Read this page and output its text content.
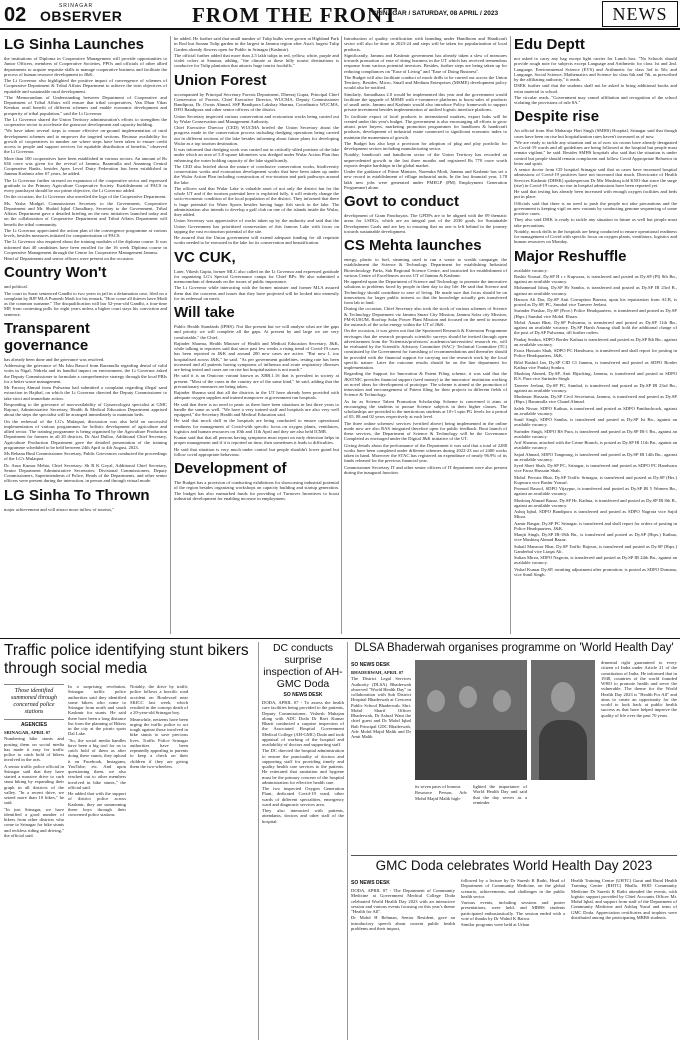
02	SRINAGAR
OBSERVER	FROM THE FRONT
SRINAGAR / SATURDAY, 08 APRIL / 2023	NEWS
LG Sinha Launches

the institutions of Diploma in Cooperative Management will provide opportunities to Junior Officers, members of Cooperative Societies, PPOs and officials of other allied departments to acquire requisite skills to manage cooperative business and facilitate the process of human resource development in J&K.

The Lt Governor also highlighted the positive impact of convergence of schemes of Cooperative Department & Tribal Affairs Department to achieve the twin objectives of equitable and sustainable rural development.

"The Memorandum of Understanding between Department of Cooperative and Department of Tribal Affairs will ensure that tribal cooperatives, Van Dhan Vikas Kendras avail benefit of different schemes and enable economic development and prosperity of tribal population," said the Lt Governor.

The Lt Governor shared the Union Territory administration's efforts to strengthen the cooperative sector to accelerate the grassroot development and capacity building.

"We have taken several steps to ensure effective on-ground implementation of rural development schemes and to empower the targeted sections. Because availability for growth of cooperatives in number are where steps have been taken to ensure credit access to people and support services for equitable distribution of benefits," observed the Lt Governor.

More than 100 cooperatives have been established in various sectors. An amount of Rs 636 crore was given for the revival of Jammu, Baramulla and Anantnag Central Cooperative Banks, besides Apex Level Dairy Federation has been established in Jammu Kashmir after 67 years, he added.

The Lt Governor further stressed on expansion of the cooperative sector and expressed gratitude to the Primary Agriculture Cooperative Society. Establishment of PACS in every panchayat should be our prime objective, the Lt Governor added.

On the occasion, the Lt Governor also unveiled the logo of the Cooperative Department.

Ms. Yasha Mudgal, Commissioner Secretary to the Government, Cooperative Department and Mr. Shahid Iqbal Choudhary, Secretary to the Government, Tribal Affairs Department gave a detailed briefing on the new initiatives launched today and on the collaboration of Cooperative Department and Tribal Affairs Department will benefit the tribal community.

The Lt Governor appreciated the action plan of the convergence programme at various levels, besides measures initiated for computerisation of PACS.

The Lt Governor also enquired about the training modules of the diploma course. It was informed that 40 candidates have been enrolled for the 16 week Diploma course in Cooperative Management through the Centre for Cooperative Management Jammu.

Head of Departments and senior officers were present on the occasion.

Country Won't

and political.

The court in Surat sentenced Gandhi to two years in jail in a defamation case, filed on a complaint by BJP MLA Purnesh Modi for his remark, "How come all thieves have Modi as the common surname." The disqualification will bar 52-year-old Gandhi, a four-time MP, from contesting polls for eight years unless a higher court stays his conviction and sentence.

Transparent governance

has already been done and the grievance was resolved.

Addressing the grievance of Ms Ishu Rasool from Baramulla regarding denial of valid votes in Nigal, Nidrela and its handful impact on environment, the Lt Governor asked the Deputy Commissioner to formulate a comprehensive strategy through the local PRIs for a better waste management.

Mr Farooq Ahmad from Pulwama had submitted a complaint regarding illegal sand extraction in Hajibal, on which the Lt Governor directed the Deputy Commissioner to take strict and immediate action.

Responding to the grievance of non-availability of Gynaecologist specialist at GMC Rajouri, Administrative Secretary, Health & Medical Education Department apprised about the steps the specialist will be arranged immediately to maintain beds.

On the redressal of the LG's Mulaqaat, discussion was also held on successful implementation of various programmes for holistic development of agriculture and allied sector. The training programme is being organised by the Agriculture Production Department for farmers in all 20 districts, Dr Atal Dulloo, Additional Chief Secretary, Agriculture Production Department gave the detailed presentation of the training programme scheduled to be held between 24th April to 4th August, 2023.

Ms Rehana Bind Commissioner Secretary, Public Grievances conducted the proceedings of the LG's Mulaqaat.

Dr. Arun Kumar Mehta, Chief Secretary; Sh R K Goyal, Additional Chief Secretary, Senior Department Administrative Secretaries; Divisional Commissioners, Deputy Commissioners, Superintendents of Police, Heads of the Departments, and other senior officers were present during the interaction, in person and through virtual mode.

LG Sinha To Thrown

major achievement and will attract more inflow of tourists,"

he added. He further said that small number of Tulip bulbs were grown at Highland Park in Rod but Sonam Tulip garden in the largest in Jammu region after Asia's largest Tulip Garden already flowers open for Public in Srinagar (Kashmir).

The official further added that more than 2.5 lakh tulips in red, yellow, white, purple and violet colors at Sanasar, adding, "the climate at these hilly tourist destinations is conducive for Tulip plantation that attracts huge tourist footfalls."

Union Forest

accompanied by Principal Secretary Forests Department, Dheeraj Gupta, Principal Chief Conservator of Forests, Chief Executive Director, WUCMA, Deputy Commissioner Bandipora, Dr. Owais Ahmad, SSP Bandipora Lakshay Sharma, Coordinator WUCMA, DFO Bandipora and other senior officers of the district.

Union Secretary inspected various conservation and ecotourism works being carried out by Wular Conservation and Management Authority.

Chief Executive Director (CED) WUCMA briefed the Union Secretary about the progress made in the conservation process including dredging operations being carried out in different sections of the lake besides informing about future plans for developing Wular as a top tourism destination.

It was informed that dredging work was carried out in critically silted portions of the lake under which an area of 5.8 square kilometers was dredged under Wular Action Plan thus enhancing the water holding capacity of the lake significantly.

The CED also briefed about the nature of conclusive conservation works, biodiversity conservation works and ecotourism development works that have been taken up under the Wular Action Plan including construction of eco-tourism and park pathways around the lake.

The officers said that Wular Lake is valuable asset of not only the district but for the whole UT and if the tourism potential here is exploited fully, it will entirely change the socio-economic condition of the local population of the district. They informed that there is huge potential for Water Sports besides having huge fish stock in the lake. The administration also intends to develop a golf club on one of the islands inside the Wular, they added.

Union Secretary was appreciative of works taken up by the authority and said that the Union Government has prioritized conservation of this famous Lake with focus on tapping the vast ecotourism potential of the site.

He assured that the Union government will extend adequate funding for all requisite works needed to be executed in the lake for its conservation and beautification.

VC CUK,

Later, Vikesh Gupta, former MLC also called on the Lt Governor and expressed gratitude for organizing LG's Special Governance camps for Chief BPs. He also submitted a memorandum of demands on the issues of public importance.

The Lt Governor while interacting with the former minister and former MLA assured them that the concerns and issues that they have projected will be looked into earnestly for its redressal on merit.

Will take

Public Health Standards (IPHS). Not like present but we will analyse what are the gaps and priority we will complete all the gaps. At present by and large we are very comfortable," the Chief.

Rajinder Sharma, Health Minister of Health and Medical Education Secretary, J&K, while talking to reporters said that since past few weeks a rising trend of Covid-19 cases has been reported in J&K and around 200 new cases are active. "But now I, too hospitalised across J&K," he said. "As per government guidelines, testing rate has been increased and all patients having symptoms of influenza and acute respiratory illnesses are being tested and cases are on rise but hospitalisation is not much."

He said it is an Omicron variant known as XBB.1.16 that is prevalent in society at present. "Most of the cases in the country are of the same kind," he said, adding that the precautionary measures are being taken.

Rajinder Sharma said that all the districts in the UT have already been provided with adequate oxygen supplies and trained manpower at government run hospitals.

He said that there is no need to panic as there have been situations in last three years to handle the same as well. "We have a very trained staff and hospitals are also very well equipped," the Secretary Health and Medical Education said.

He said that mock drill in the hospitals are being conducted to ensure operational readiness for management of Covid-with specific focus on oxygen plants, ventilators, logistics and human resources on 10th and 11th April and they are also held ICMR.

Kumar said that that all persons having symptoms must report on early detection helps in proper management and if it is reported on time, then sometimes it leads to difficulties.

He said that situation is very much under control but people shouldn't lower guard but follow covid appropriate behaviour.

Development of

The Budget has a provision of conducting exhibitions for showcasing industrial potential of the region besides organizing workshops on capacity building and startup generation. The budget has also earmarked funds for providing of Turnover Incentives to boost industrial development for enabling increase in employment.

Introduction of quality certification with branding under Handloom and Handicraft sector will also be done in 2023-24 and steps will be taken for popularization of local products.

Significantly, Jammu and Kashmir government has already taken a slew of measures towards promotion of ease of doing business in the UT which has received tremendous response from various potential investors. Besides, further steps are being taken up for reducing compliances on "Ease of Living" and "Ease of Doing Business".

The Budget will also facilitate conduct of mock drills to be carried out across the Union Territory. Besides, Micro, Small and Medium Enterprises (MSME) development policy would also be notified.

Similarly, Samadhaan 2.0 would be implemented this year and the government would facilitate the upgrade of MSME with e-commerce platforms to boost sales of products of small units. Jammu and Kashmir would also introduce Policy framework to support private investment besides implementation of unified logistic interface platform.

To facilitate export of local products to international markets, export hubs will be created under this year's budget. The government is also encouraging all efforts to grow attract prize buyers, marketing promotion programmes for handloom & handicraft products, development of industrial estate connected to significant economic index to maintain the momentum of growth.

The Budget has also kept a provision for adoption of plug and play portfolio for development sectors including manufacturing sector.

Notably, handicraft and handloom sector of the Union Territory has recorded an unprecedented growth in the last three months and registered Rs 770 crore worth exports despite hardships in the global market.

Under the guidance of Prime Minister, Narendra Modi, Jammu and Kashmir has set a new record in establishment of village industrial units. In the last financial year, 1.78 lakh new jobs were generated under PMEGP (PM) Employment Generation Programme) alone.

Govt to conduct

development of Gram Panchayats. The GPDPs are to be aligned with the 09 thematic areas for LSDGs, which are an integral part of the 2030 goals for Sustainable Development Goals and are key to ensuring that no one is left behind in the journey towards sustainable development.

CS Mehta launches

energy, plastic to fuel, steaming used to run a waste to wealth campaign; the establishment the Science & Technology Department for establishing Industrial Biotechnology Parks, Sub Regional Science Centre, and instructed for establishment of various Centre of Excellences across UT of Jammu & Kashmir.

He appealed upon the Department of Science and Technology to promote the innovative solutions to problems faced by people in their day to day life. He said that Science and Technology should contribute to ease of living. He made sure that focus should be on innovations for larger public interest so that the knowledge actually gets transferred from lab to land.

During the occasion, Chief Secretary also took the stock of various schemes of Science & Technology Department viz Jammu Smart City Mission, Jammu Solar city Mission, PM-KUSUM, Rooftop Solar Power Plant Mission and focused on the need to increase the outreach of the solar energy within the UT of J&K.

On the occasion, it was given out that the Sponsored Research & Extension Programme envisages that the research proposals scientific surveys should be invited through open advertisement from the 'Scientists/professors' academics/universities/ research etc, will be evaluated by the Scientific Advisory Committee (SAC)- Technical Committee (TC) constituted by the Government for furnishing of recommendations and thereafter should be provided with the financial support for carrying out the research work by the local specific nature. Later the outcome results should be on the line department for implementation.

Regarding the Support for Innovation & Patent Filing scheme, it was said that the JKSTNIC provides financial support (seed money) to the innovator/ institution working on novel ideas for development of prototype. The scheme is aimed at the promotion of innovation and encouragement of Patent filing for their projects in different fields of Science & Technology.

As far as Science Talent Promotion Scholarship Scheme is concerned it aims at encouraging the students to pursue Science subjects in their higher classes. The scholarships are provided to the meritorious students at 10+1 upto PG levels for a period of 05, 08 and 02 years respectively at each level.

The three online schemes/ services (verified above) being implemented in the online mode now are also RAS integrated therefore open for public feedback. Bout launch of these services, the Department of Science & Technology will be the Governance Completed as envisaged under the Digital J&K initiative of the UT.

Giving details about the performance of the Department it was said that a total of 2288 works have been completed under different schemes during 2022-23 out of 2400 works taken in hand. Moreover the STAC has registered an expenditure of nearly 96.9% of its funds released for the previous financial year.

Commissioner Secretary IT and other senior officers of IT department were also present during the inaugural function.

Edu Deptt

not asked to carry any bag except light carrier for Lunch box. "No Schools should provide rough note for subjects except Language and Arithmetic for class 1st and 2nd. Language, Environmental Science (EVS) and Arithmetic for class 3rd to 5th; and Language, Social Science, Mathematics and Science for class 6th and 7th, as prescribed by the affiliating authority," it reads.

DSEK further said that the students shall not be asked to bring additional books and extra material to school.

The circular reads, "Government may cancel affiliation and recognition of the school violating the provisions of rule 8A."

Despite rise

An official from Shri Maharaja Hari Singh (SMHS) Hospital, Srinagar said that though cases have been on rise but hospitalization rates haven't increased as of now.

"We are ready to tackle any situation and as of now six rooms have already designated as Covid-19 wards and all guidelines are being followed at the hospital but people must remain vigilant," he said. Besides SMHS hospitals also said that the situation is under control but people should remain complacent and follow Covid Appropriate Behavior in letter and spirit.

A senior doctor from CD hospital Srinagar said that as cases have increased hospital admissions of Covid-19 positives have not increased that much. Directorate of Health Services Kashmir (DHSK) spokesperson Dr Mir Mushtaq told KNO that since the surge (rise) in Covid-19 cases, no rise in hospital admissions have been reported yet.

He said that testing has already been increased with enough oxygen facilities and beds put in place.

Officials said that there is no need to push the people not take precautions and the government is keeping vigil on new variants by conducting genome sequencing of some positive cases.

They also said DHK is ready to tackle any situation in future as well but people must take precautions.

Notably, mock drills in the hospitals are being conducted to ensure operational readiness for management of Covid with specific focus on oxygen plants, ventilators, logistics and human resources on Monday.

Major Reshuffle

available vacancy.

Bashir Yousuf, Dy.SP H r r Kupwara, is transferred and posted as Dy.SP (PI) 8th Bn., against an available vacancy.

Mohammad Ishaq, Dy.SP Hr Samba, is transferred and posted as Dy.SP IR 23rd B., against an available vacancy.

Haroon Ali Dar, Dy.SP Anti Corruption Bureau, upon his repatriation from ACB, is posted as Dy.SP, PC, Sumbal vice Tanveer Jeelani.

Surinder Prashar, Dy.SP (Prov.) Police Headquarters, is transferred and posted as Dy.SP (Hqrs.) Sumbal vice Mohd. Ehsan.

Mohd. Aasan Bhat, Dy.SP Pulwama, is transferred and posted as Dy.SP 11th Bn., against an available vacancy. Dy.SP Harsh Anurag shall hold the additional charge of the post of Dy.SP Pulwama, till further orders.

Pankaj Sonkra, SDPO Border Kathua is transferred and posted as Dy.SP 8th Bn., against an available vacancy.

Faroz Hussain Shah, SDPO PC Handwara, is transferred and shall report for posting in Police Headquarters, J&K.

Bilal Rashid Jan, Dy.SP CID CI Jammu, is transferred and posted as SDPO Border Kathua vice Pankaj Sonkra.

Mushtaq Ahmed, Dy.SP, Anti Hijacking, Jammu, is transferred and posted as SDPO R.S. Pura vice Surinder Singh.

Tanveer Jeelani, Dy.SP PC, Sumbal, is transferred and posted as Dy.SP IR 23rd Bn., against an available vacancy.

Mudassar Hussain, Dy.SP Civil Secretariat, Jammu, is transferred and posted as Dy.SP (Hqrs.) Baramulla vice Chand Ahmad.

Saleh Nissar, SDPO Kathua, is transferred and posted as SDPO Panthachowk, against an available vacancy.

Sunil Singh, SDPO Samba, is transferred and posted as Dy.SP Ist Bn., against an available vacancy.

Surinder Singh, SDPO RS Pura, is transferred and posted as Dy.SP IR-1 Bn., against an available vacancy.

Arif Sharma, attached with the Crime Branch, is posted as Dy.SP IR 11th Bn., against an available vacancy.

Sajad Ahmad, SDPO Tangmarg, is transferred and posted as Dy.SP IR 14th Bn., against an available vacancy.

Syed Sheri Shah, Dy.SP PC, Srinagar, is transferred and posted as SDPO PC Handwara vice Faroz Hussain Shah.

Mohd. Pervaiz Bhat, Dy.SP Traffic Srinagar, is transferred and posted as Dy.SP (Hrs.) Kupwara vice Bashir Yousuf.

Promod Rasool, SDPO Vijaypur, is transferred and posted as Dy.SP IR 5 Women Bn., against an available vacancy.

Mushtaq Ahmad Bazaz, Dy.SP Hr. Kathua, is transferred and posted as Dy.SP IR 8th B., against an available vacancy.

Ashiq Iqbal, SDPO Bandipora is transferred and posted as SDPO Nagrota vice Sajid Mirza.

Aamir Basgar, Dy.SP PC Srinagar, is transferred and shall report for orders of posting in Police Headquarters, J&K.

Manjit Singh, Dy.SP IR-18th Bn., is transferred and posted as Dy.SP (Hqrs.) Kathua, vice Mushtaq Ahmad Bazaz.

Suhail Manzoor Bhat, Dy.SP Traffic Rajouri, is transferred and posted as Dy.SP (Hqrs.) Ganderbal vice Liaqat Ali.

Sultan Mirza, SDPO Nagrota, is transferred and posted as Dy.SP IR 24th Bn., against an available vacancy.

Vishal Kumar Dy.SP, awaiting adjustment after promotion, is posted as SDPO Domana, vice Sunil Singh.

Traffic police identifying stunt bikers through social media
Those identified summoned through concerned police stations
AGENCIES

SRINAGAR, APRIL 07

Numbering bike stunts and posting them on social media has made it easy for traffic police to catch hold of bikers involved in the acts.

A senior traffic police official in Srinagar said that they have started a massive drive to curb stunt biking by expanding their graph in all districts of the valley. "In a recent drive, we seized more than 10 bikes," he said.

"In just Srinagar, we have identified a good number of bikers from other districts who come to Srinagar for bike stunts and reckless riding and driving," the official said.

In a surprising revelation, Srinagar traffic police authorities said they identified some bikers who come to Srinagar from north and south Kashmir for stunts. He said there have been a long distance list from the planning of Bikers in the city at the picnic spots Dal Lake.

"So, the social media handles have been a big tool for us to catch hold of them as after doing these stunts, they upload it on Facebook, Instagram, YouTube, etc. And upon questioning them, we also reached out to other members involved in bike stunts," the official said.

He added that with the support of district police across Kashmir, they are summoning these boys through their concerned police stations.

Notably, the drive by traffic police follows a horrific road accident on Boulevard near SKICC last week, which resulted in the concept death of a 20-year-old Srinagar boy.

Meanwhile, netizens have been urging the traffic police to act tough against those involved in bike stunts to save precious lives. Traffic Police Srinagar authorities have been repeatedly appealing to parents to keep a check on their children if they are giving them the two-wheelers.

DC conducts surprise inspection of AH-GMC Doda
SO NEWS DESK

DODA, APRIL 07 - To assess the health care facilities being provided to the patients, Deputy Commissioner, Vishesh Mahajan along with ADC Doda Dr Ravi Kumar Bharti conducted a surprise inspection of the Associated Hospital Government Medical College (AH-GMC) Doda and took appraisal of working of the hospital and availability of doctors and supporting staff.

The DC directed the hospital administration to ensure the punctuality of doctors and supporting staff for providing timely and quality health care services to the patients. He reiterated that sanitation and hygiene must be the primary concern of the hospital administration for effective health care.

The two inspected Oxygen Generation Plant, dedicated Covid-19 ward, other wards of different specialities, emergency ward and diagnostic services area.

They also interacted with patients, attendants, doctors and other staff of the hospital.

DLSA Bhaderwah organises programme on 'World Health Day'
SO NEWS DESK

BHADERWAH, APRIL 07

The District Legal Services Authority (DLSA) Bhaderwah observed "World Health Day" in collaboration with Sub District Hospital Bhaderwah at Crescent Public School Bhaderwah. Shri. Mohd Sharif Officer Bhaderwah, Dr Ashraf Wani the chief guest and Dr Mohd Iqbal Bali Principal GDC Bhaderwah, Adv Mohd Majid Malik and Dr Amit Malik

its seven pairs of honour.

Resource Person, Adv Mohd Majid Malik high-

lighted the importance of World Health Day and said that the day serves as a reminder

dimental right guaranteed to every citizen of India under Article 21 of the constitution of India. He informed that in 1948, countries of the world founded WHO to promote health and serve the vulnerable. The theme for the World Health Day 2023 is "Health For All" and aims to create an opportunity for the world to look back at public health success as that have helped improve the quality of life over the past 70 years.

GMC Doda celebrates World Health Day 2023
SO NEWS DESK

DODA, APRIL 07 - The Department of Community Medicine at Government Medical College Doda celebrated World Health Day 2023 with an interactive session and various events focusing on this year's theme "Health for All".

Dr Mohd H Rehman, Senior Resident, gave an introductory speech about current public health problems and their impact,

followed by a lecture by Dr Suresh K Rathi, Head of Department of Community Medicine, on the global scenario, achievements, and challenges in the public health sector.

Various events, including sessions and poster presentations, were held, and MBBS students participated enthusiastically. The session ended with a vote of thanks by Dr Wahid K Batwa.

Similar programs were held at Urban

Health Training Centre (UHTC) Gurai and Rural Health Training Centre (RHTC) Bhalla. HOD Community Medicine Dr Suresh K Rathi attended the events, with logistic support provided by Chief Accounts Officer Mr. Mohd Iqbal, and support from staff of the Department of Community Medicine and Ashfaq Yusuf and team of GMC Doda. Appreciation certificates and trophies were distributed among the participating MBBS students.
